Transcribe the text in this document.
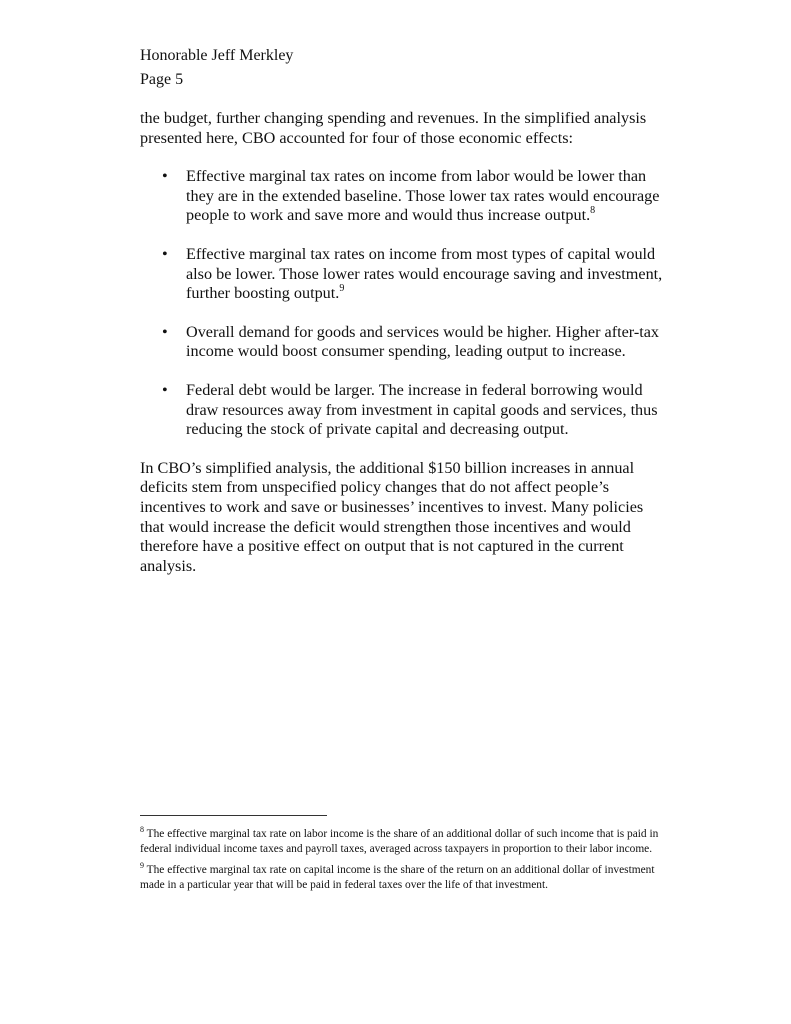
Honorable Jeff Merkley
Page 5

the budget, further changing spending and revenues. In the simplified analysis presented here, CBO accounted for four of those economic effects:

• Effective marginal tax rates on income from labor would be lower than they are in the extended baseline. Those lower tax rates would encourage people to work and save more and would thus increase output.$^8$
• Effective marginal tax rates on income from most types of capital would also be lower. Those lower rates would encourage saving and investment, further boosting output.$^9$
• Overall demand for goods and services would be higher. Higher after-tax income would boost consumer spending, leading output to increase.
• Federal debt would be larger. The increase in federal borrowing would draw resources away from investment in capital goods and services, thus reducing the stock of private capital and decreasing output.

In CBO’s simplified analysis, the additional $150 billion increases in annual deficits stem from unspecified policy changes that do not affect people’s incentives to work and save or businesses’ incentives to invest. Many policies that would increase the deficit would strengthen those incentives and would therefore have a positive effect on output that is not captured in the current analysis.

$^8$ The effective marginal tax rate on labor income is the share of an additional dollar of such income that is paid in federal individual income taxes and payroll taxes, averaged across taxpayers in proportion to their labor income.

$^9$ The effective marginal tax rate on capital income is the share of the return on an additional dollar of investment made in a particular year that will be paid in federal taxes over the life of that investment.
